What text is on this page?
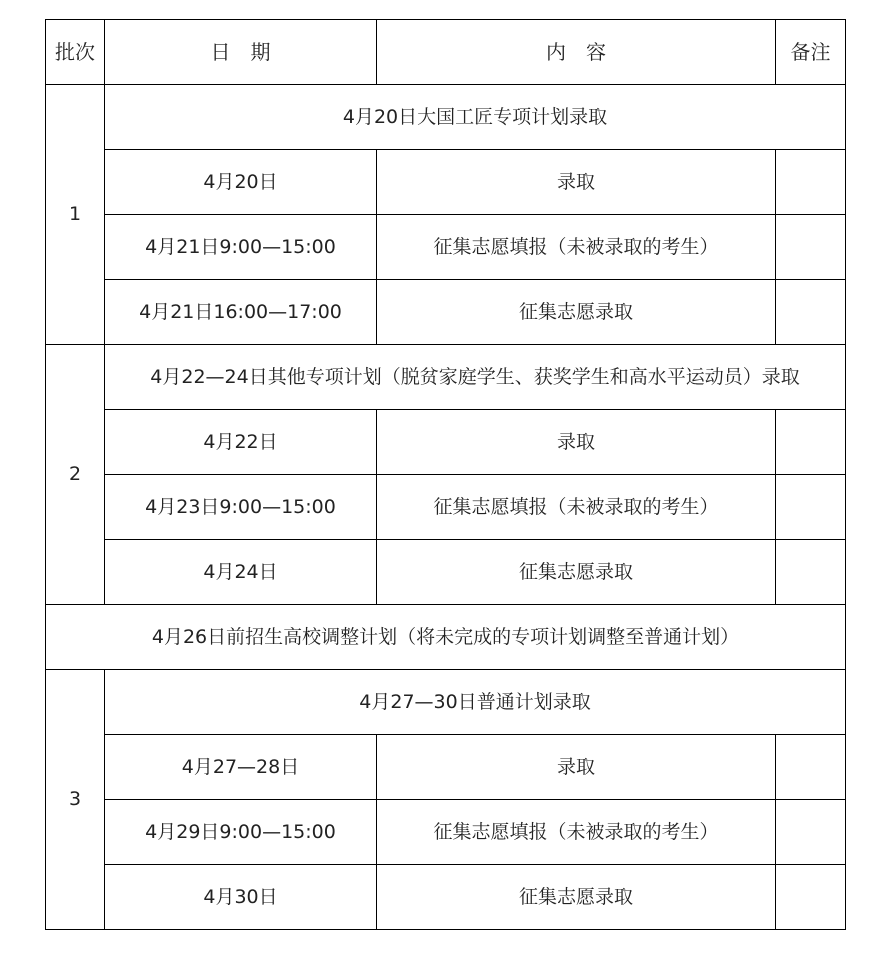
批次	日　期	内　容	备注
1	4月20日大国工匠专项计划录取		
	4月20日	录取	
	4月21日9:00—15:00	征集志愿填报（未被录取的考生）	
	4月21日16:00—17:00	征集志愿录取	
2	4月22—24日其他专项计划（脱贫家庭学生、获奖学生和高水平运动员）录取		
	4月22日	录取	
	4月23日9:00—15:00	征集志愿填报（未被录取的考生）	
	4月24日	征集志愿录取	
4月26日前招生高校调整计划（将未完成的专项计划调整至普通计划）			
3	4月27—30日普通计划录取		
	4月27—28日	录取	
	4月29日9:00—15:00	征集志愿填报（未被录取的考生）	
	4月30日	征集志愿录取	
